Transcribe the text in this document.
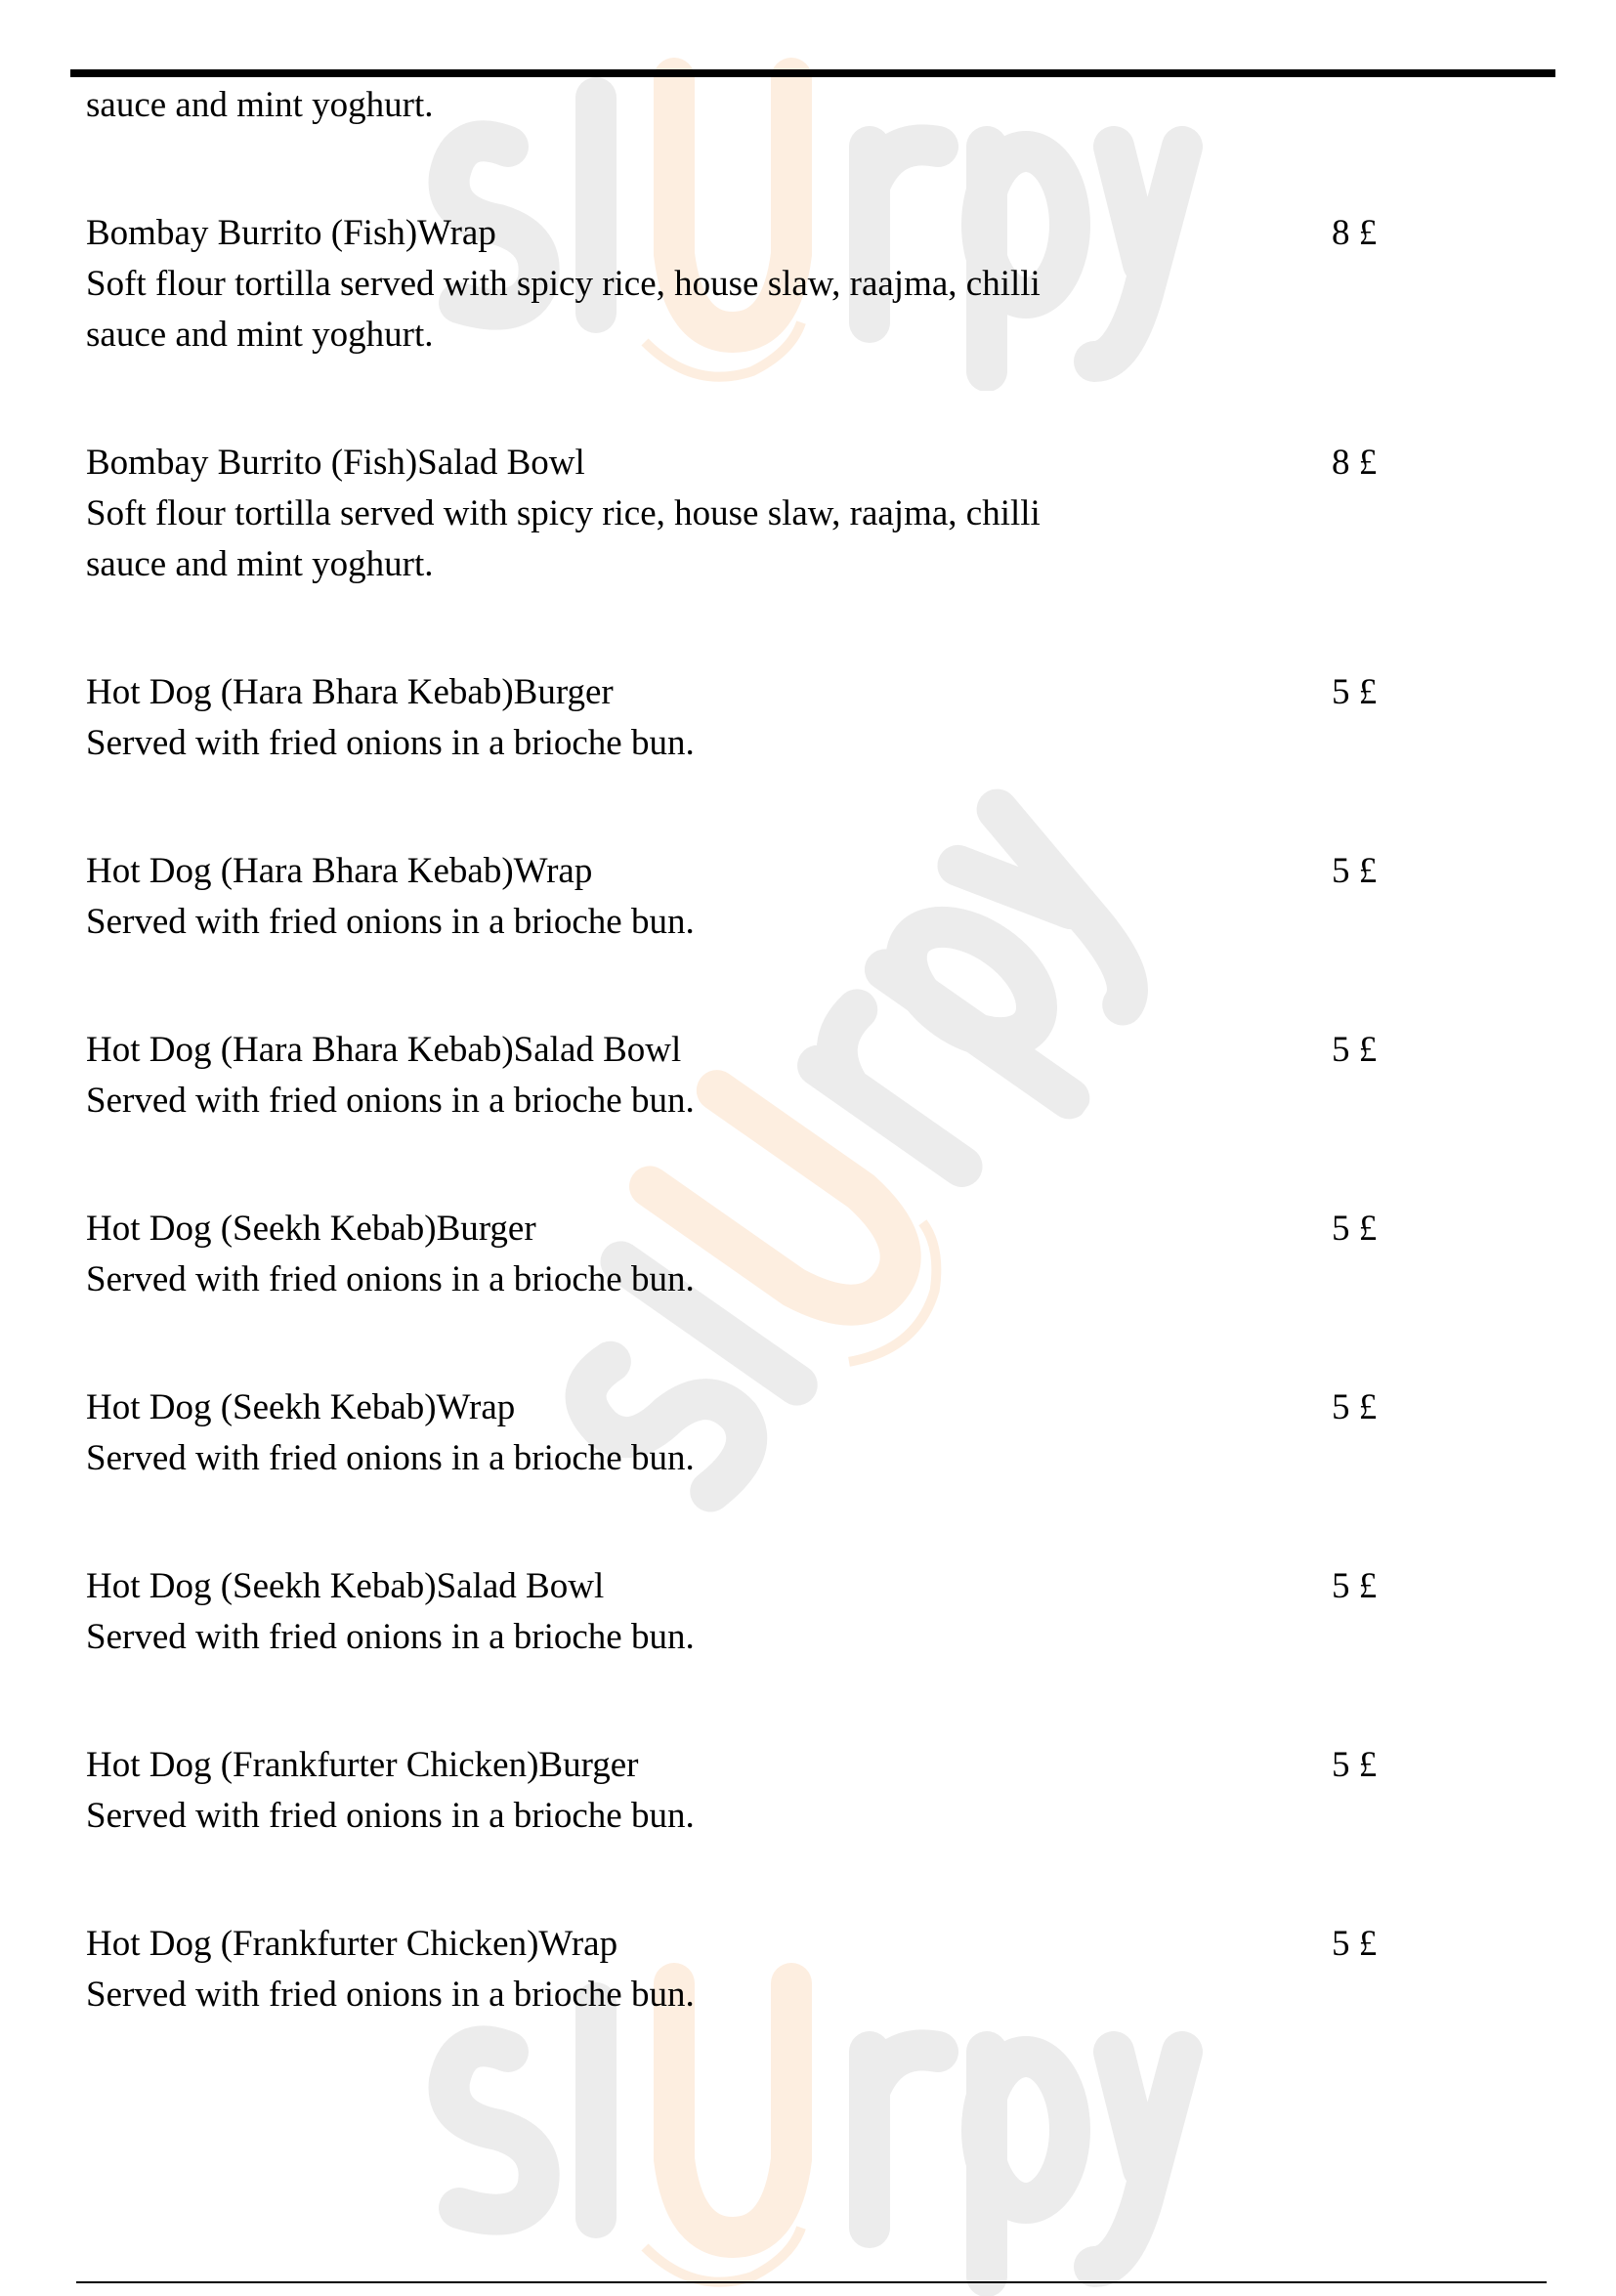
sauce and mint yoghurt.
Bombay Burrito (Fish)Wrap	8 £
Soft flour tortilla served with spicy rice, house slaw, raajma, chilli
sauce and mint yoghurt.
Bombay Burrito (Fish)Salad Bowl	8 £
Soft flour tortilla served with spicy rice, house slaw, raajma, chilli
sauce and mint yoghurt.
Hot Dog (Hara Bhara Kebab)Burger	5 £
Served with fried onions in a brioche bun.
Hot Dog (Hara Bhara Kebab)Wrap	5 £
Served with fried onions in a brioche bun.
Hot Dog (Hara Bhara Kebab)Salad Bowl	5 £
Served with fried onions in a brioche bun.
Hot Dog (Seekh Kebab)Burger	5 £
Served with fried onions in a brioche bun.
Hot Dog (Seekh Kebab)Wrap	5 £
Served with fried onions in a brioche bun.
Hot Dog (Seekh Kebab)Salad Bowl	5 £
Served with fried onions in a brioche bun.
Hot Dog (Frankfurter Chicken)Burger	5 £
Served with fried onions in a brioche bun.
Hot Dog (Frankfurter Chicken)Wrap	5 £
Served with fried onions in a brioche bun.
